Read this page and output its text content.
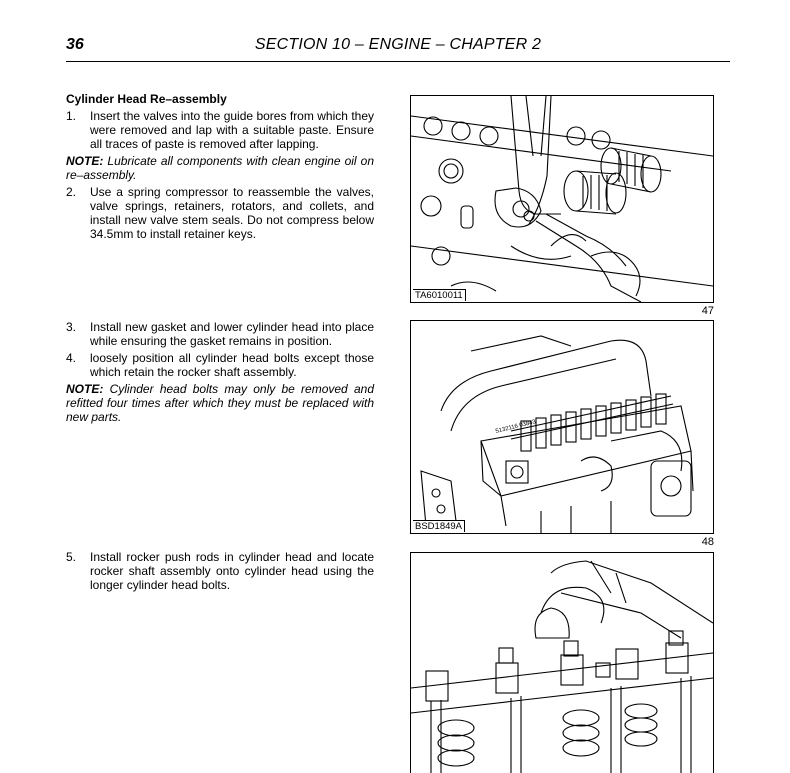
36	SECTION 10 – ENGINE – CHAPTER 2
Cylinder Head Re–assembly
1. Insert the valves into the guide bores from which they were removed and lap with a suitable paste. Ensure all traces of paste is removed after lapping.
NOTE: Lubricate all components with clean engine oil on re–assembly.
2. Use a spring compressor to reassemble the valves, valve springs, retainers, rotators, and collets, and install new valve stem seals. Do not compress below 34.5mm to install retainer keys.
3. Install new gasket and lower cylinder head into place while ensuring the gasket remains in position.
4. loosely position all cylinder head bolts except those which retain the rocker shaft assembly.
NOTE: Cylinder head bolts may only be removed and refitted four times after which they must be replaced with new parts.
5. Install rocker push rods in cylinder head and locate rocker shaft assembly onto cylinder head using the longer cylinder head bolts.
TA6010011
47
5132116 03843
BSD1849A
48
